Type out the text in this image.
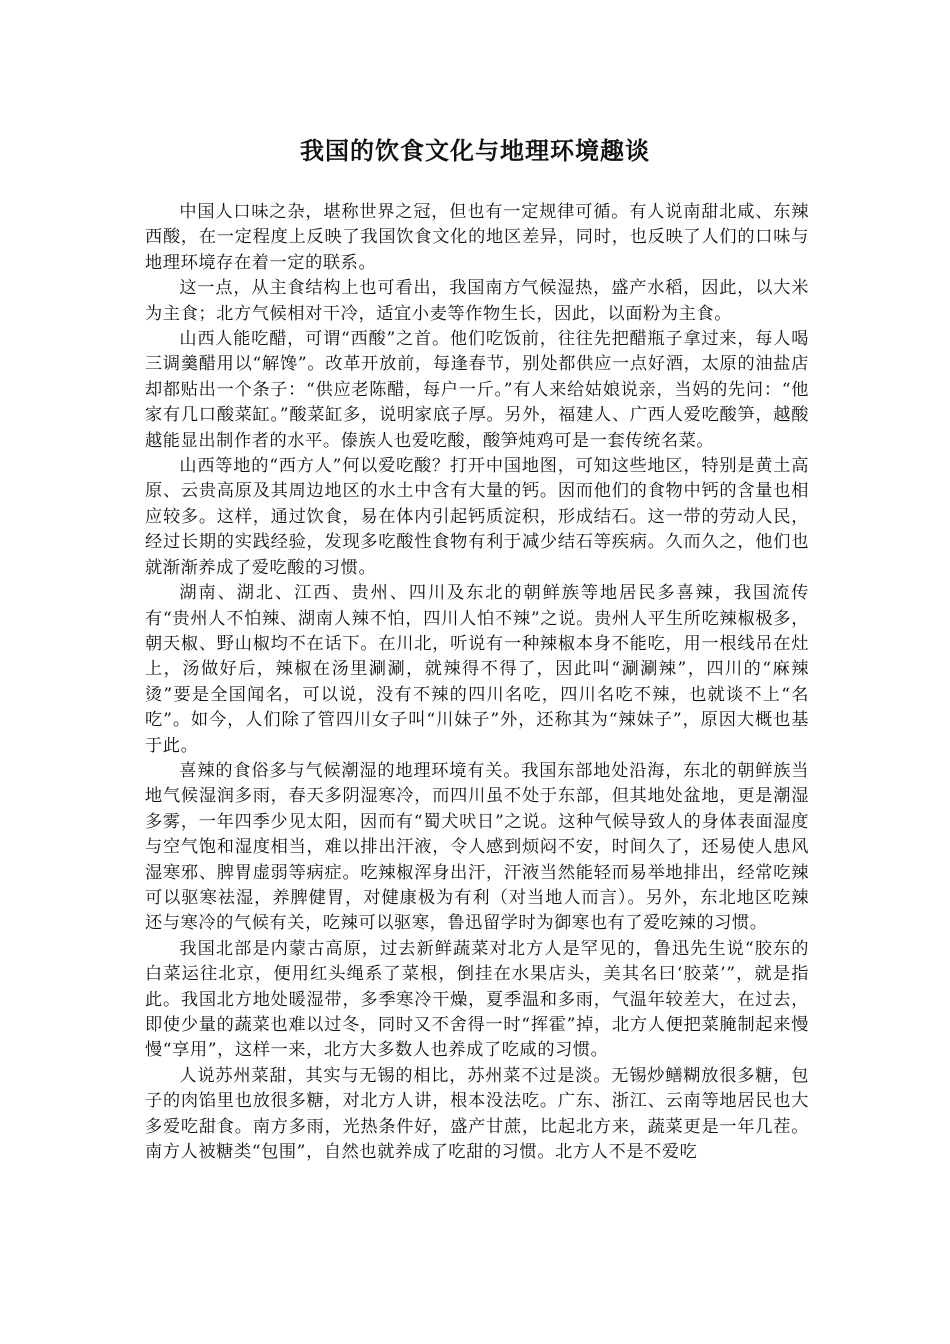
我国的饮食文化与地理环境趣谈

中国人口味之杂，堪称世界之冠，但也有一定规律可循。有人说南甜北咸、东辣西酸，在一定程度上反映了我国饮食文化的地区差异，同时，也反映了人们的口味与地理环境存在着一定的联系。

这一点，从主食结构上也可看出，我国南方气候湿热，盛产水稻，因此，以大米为主食；北方气候相对干冷，适宜小麦等作物生长，因此，以面粉为主食。

山西人能吃醋，可谓“西酸”之首。他们吃饭前，往往先把醋瓶子拿过来，每人喝三调羹醋用以“解馋”。改革开放前，每逢春节，别处都供应一点好酒，太原的油盐店却都贴出一个条子：“供应老陈醋，每户一斤。”有人来给姑娘说亲，当妈的先问：“他家有几口酸菜缸。”酸菜缸多，说明家底子厚。另外，福建人、广西人爱吃酸笋，越酸越能显出制作者的水平。傣族人也爱吃酸，酸笋炖鸡可是一套传统名菜。

山西等地的“西方人”何以爱吃酸？打开中国地图，可知这些地区，特别是黄土高原、云贵高原及其周边地区的水土中含有大量的钙。因而他们的食物中钙的含量也相应较多。这样，通过饮食，易在体内引起钙质淀积，形成结石。这一带的劳动人民，经过长期的实践经验，发现多吃酸性食物有利于减少结石等疾病。久而久之，他们也就渐渐养成了爱吃酸的习惯。

湖南、湖北、江西、贵州、四川及东北的朝鲜族等地居民多喜辣，我国流传有“贵州人不怕辣、湖南人辣不怕，四川人怕不辣”之说。贵州人平生所吃辣椒极多，朝天椒、野山椒均不在话下。在川北，听说有一种辣椒本身不能吃，用一根线吊在灶上，汤做好后，辣椒在汤里涮涮，就辣得不得了，因此叫“涮涮辣”，四川的“麻辣烫”要是全国闻名，可以说，没有不辣的四川名吃，四川名吃不辣，也就谈不上“名吃”。如今，人们除了管四川女子叫“川妹子”外，还称其为“辣妹子”，原因大概也基于此。

喜辣的食俗多与气候潮湿的地理环境有关。我国东部地处沿海，东北的朝鲜族当地气候湿润多雨，春天多阴湿寒冷，而四川虽不处于东部，但其地处盆地，更是潮湿多雾，一年四季少见太阳，因而有“蜀犬吠日”之说。这种气候导致人的身体表面湿度与空气饱和湿度相当，难以排出汗液，令人感到烦闷不安，时间久了，还易使人患风湿寒邪、脾胃虚弱等病症。吃辣椒浑身出汗，汗液当然能轻而易举地排出，经常吃辣可以驱寒祛湿，养脾健胃，对健康极为有利（对当地人而言）。另外，东北地区吃辣还与寒冷的气候有关，吃辣可以驱寒，鲁迅留学时为御寒也有了爱吃辣的习惯。

我国北部是内蒙古高原，过去新鲜蔬菜对北方人是罕见的，鲁迅先生说“胶东的白菜运往北京，便用红头绳系了菜根，倒挂在水果店头，美其名曰‘胶菜’”，就是指此。我国北方地处暖湿带，多季寒冷干燥，夏季温和多雨，气温年较差大，在过去，即使少量的蔬菜也难以过冬，同时又不舍得一时“挥霍”掉，北方人便把菜腌制起来慢慢“享用”，这样一来，北方大多数人也养成了吃咸的习惯。

人说苏州菜甜，其实与无锡的相比，苏州菜不过是淡。无锡炒鳝糊放很多糖，包子的肉馅里也放很多糖，对北方人讲，根本没法吃。广东、浙江、云南等地居民也大多爱吃甜食。南方多雨，光热条件好，盛产甘蔗，比起北方来，蔬菜更是一年几茬。南方人被糖类“包围”，自然也就养成了吃甜的习惯。北方人不是不爱吃
